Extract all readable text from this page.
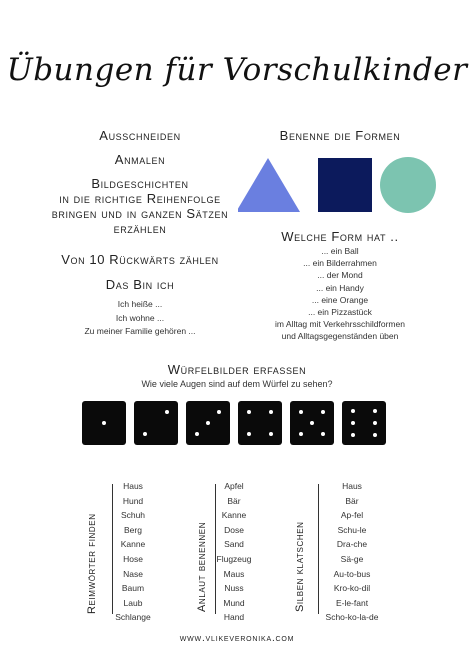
Übungen für Vorschulkinder
Ausschneiden
Anmalen
Bildgeschichten
in die richtige Reihenfolge
bringen und in ganzen Sätzen
erzählen
Von 10 Rückwärts zählen
Das Bin ich
Ich heiße ...
Ich wohne ...
Zu meiner Familie gehören ...
Benenne die Formen
Welche Form hat ..
... ein Ball
... ein Bilderrahmen
... der Mond
... ein Handy
... eine Orange
... ein Pizzastück
im Alltag mit Verkehrsschildformen
und Alltagsgegenständen üben
Würfelbilder erfassen
Wie viele Augen sind auf dem Würfel zu sehen?
Reimwörter finden
Haus
Hund
Schuh
Berg
Kanne
Hose
Nase
Baum
Laub
Schlange
Anlaut benennen
Apfel
Bär
Kanne
Dose
Sand
Flugzeug
Maus
Nuss
Mund
Hand
Silben klatschen
Haus
Bär
Ap-fel
Schu-le
Dra-che
Sä-ge
Au-to-bus
Kro-ko-dil
E-le-fant
Scho-ko-la-de
www.vlikeveronika.com
